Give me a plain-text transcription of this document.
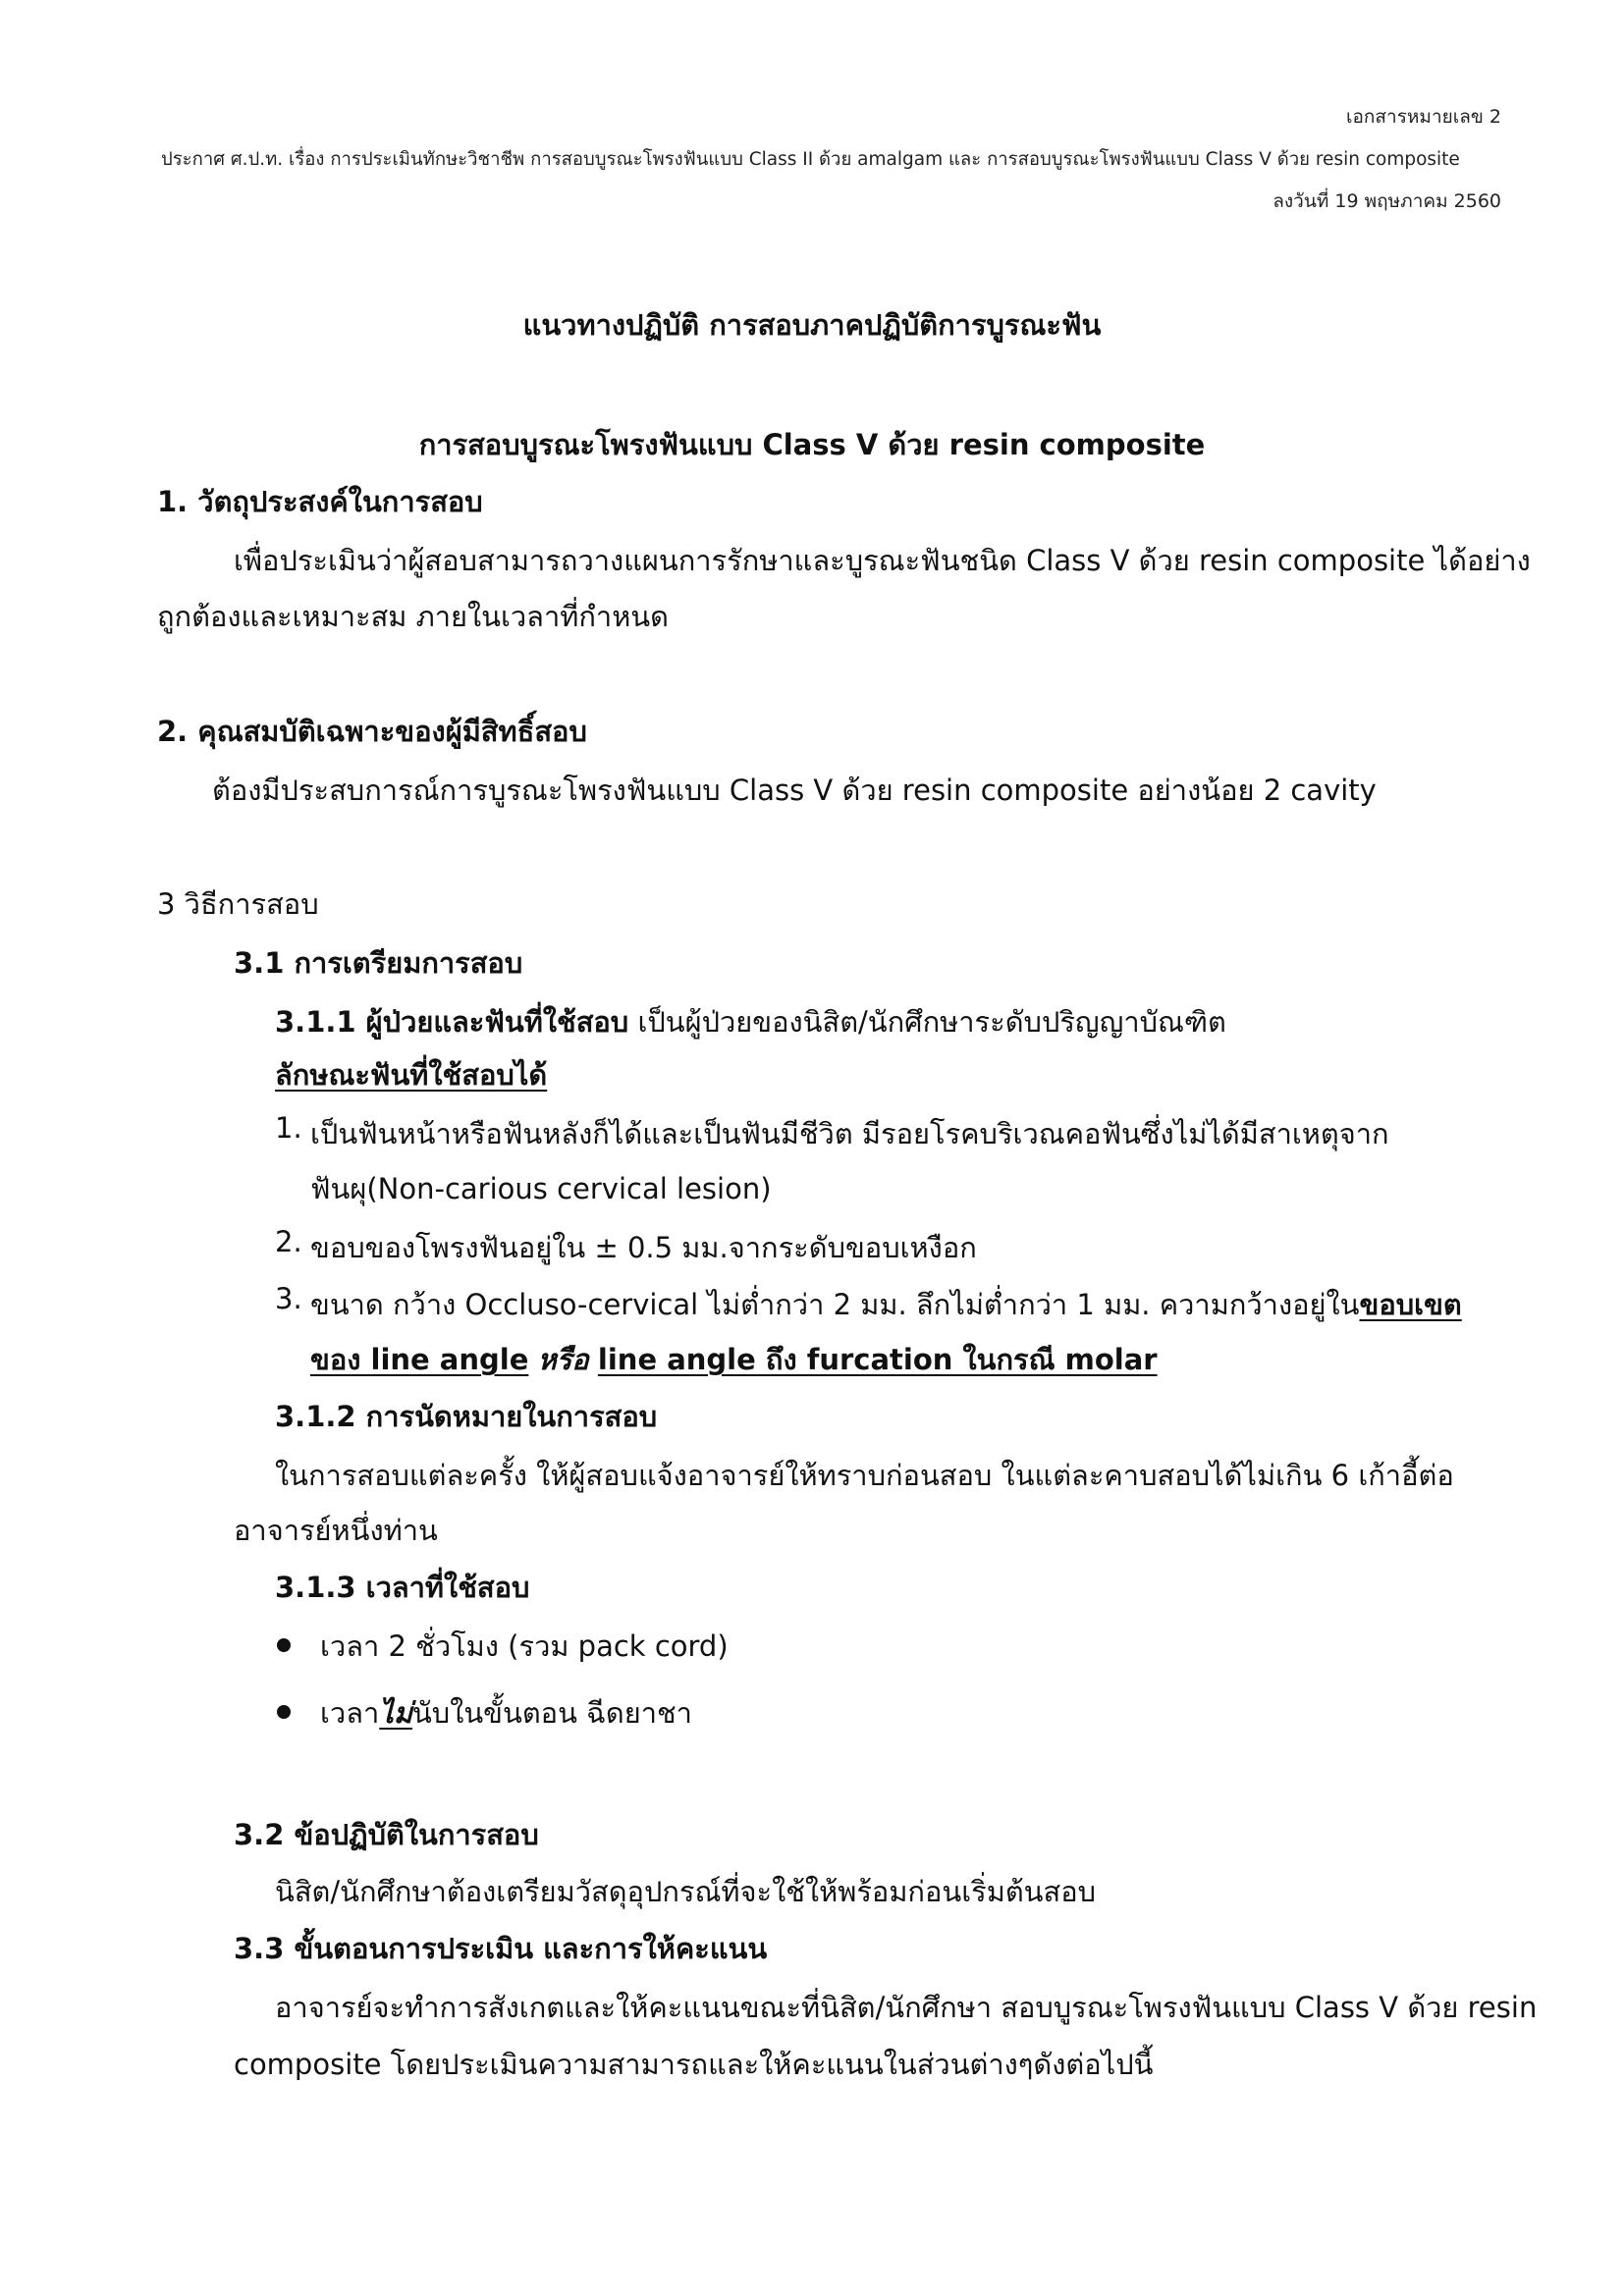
เอกสารหมายเลข 2
ประกาศ ศ.ป.ท. เรื่อง การประเมินทักษะวิชาชีพ การสอบบูรณะโพรงฟันแบบ Class II ด้วย amalgam และ การสอบบูรณะโพรงฟันแบบ Class V ด้วย resin composite
ลงวันที่ 19 พฤษภาคม 2560
แนวทางปฏิบัติ การสอบภาคปฏิบัติการบูรณะฟัน
การสอบบูรณะโพรงฟันแบบ Class V ด้วย resin composite
1. วัตถุประสงค์ในการสอบ
เพื่อประเมินว่าผู้สอบสามารถวางแผนการรักษาและบูรณะฟันชนิด Class V ด้วย resin composite ได้อย่าง
ถูกต้องและเหมาะสม ภายในเวลาที่กำหนด
2. คุณสมบัติเฉพาะของผู้มีสิทธิ์สอบ
ต้องมีประสบการณ์การบูรณะโพรงฟันแบบ Class V ด้วย resin composite อย่างน้อย 2 cavity
3 วิธีการสอบ
3.1 การเตรียมการสอบ
3.1.1 ผู้ป่วยและฟันที่ใช้สอบ เป็นผู้ป่วยของนิสิต/นักศึกษาระดับปริญญาบัณฑิต
ลักษณะฟันที่ใช้สอบได้
1. เป็นฟันหน้าหรือฟันหลังก็ได้และเป็นฟันมีชีวิต มีรอยโรคบริเวณคอฟันซึ่งไม่ได้มีสาเหตุจาก
ฟันผุ(Non-carious cervical lesion)
2. ขอบของโพรงฟันอยู่ใน ± 0.5 มม.จากระดับขอบเหงือก
3. ขนาด กว้าง Occluso-cervical ไม่ต่ำกว่า 2 มม. ลึกไม่ต่ำกว่า 1 มม. ความกว้างอยู่ในขอบเขต
ของ line angle หรือ line angle ถึง furcation ในกรณี molar
3.1.2 การนัดหมายในการสอบ
ในการสอบแต่ละครั้ง ให้ผู้สอบแจ้งอาจารย์ให้ทราบก่อนสอบ ในแต่ละคาบสอบได้ไม่เกิน 6 เก้าอี้ต่อ
อาจารย์หนึ่งท่าน
3.1.3 เวลาที่ใช้สอบ
เวลา 2 ชั่วโมง (รวม pack cord)
เวลาไม่นับในขั้นตอน ฉีดยาชา
3.2 ข้อปฏิบัติในการสอบ
นิสิต/นักศึกษาต้องเตรียมวัสดุอุปกรณ์ที่จะใช้ให้พร้อมก่อนเริ่มต้นสอบ
3.3 ขั้นตอนการประเมิน และการให้คะแนน
อาจารย์จะทำการสังเกตและให้คะแนนขณะที่นิสิต/นักศึกษา สอบบูรณะโพรงฟันแบบ Class V ด้วย resin
composite โดยประเมินความสามารถและให้คะแนนในส่วนต่างๆดังต่อไปนี้
